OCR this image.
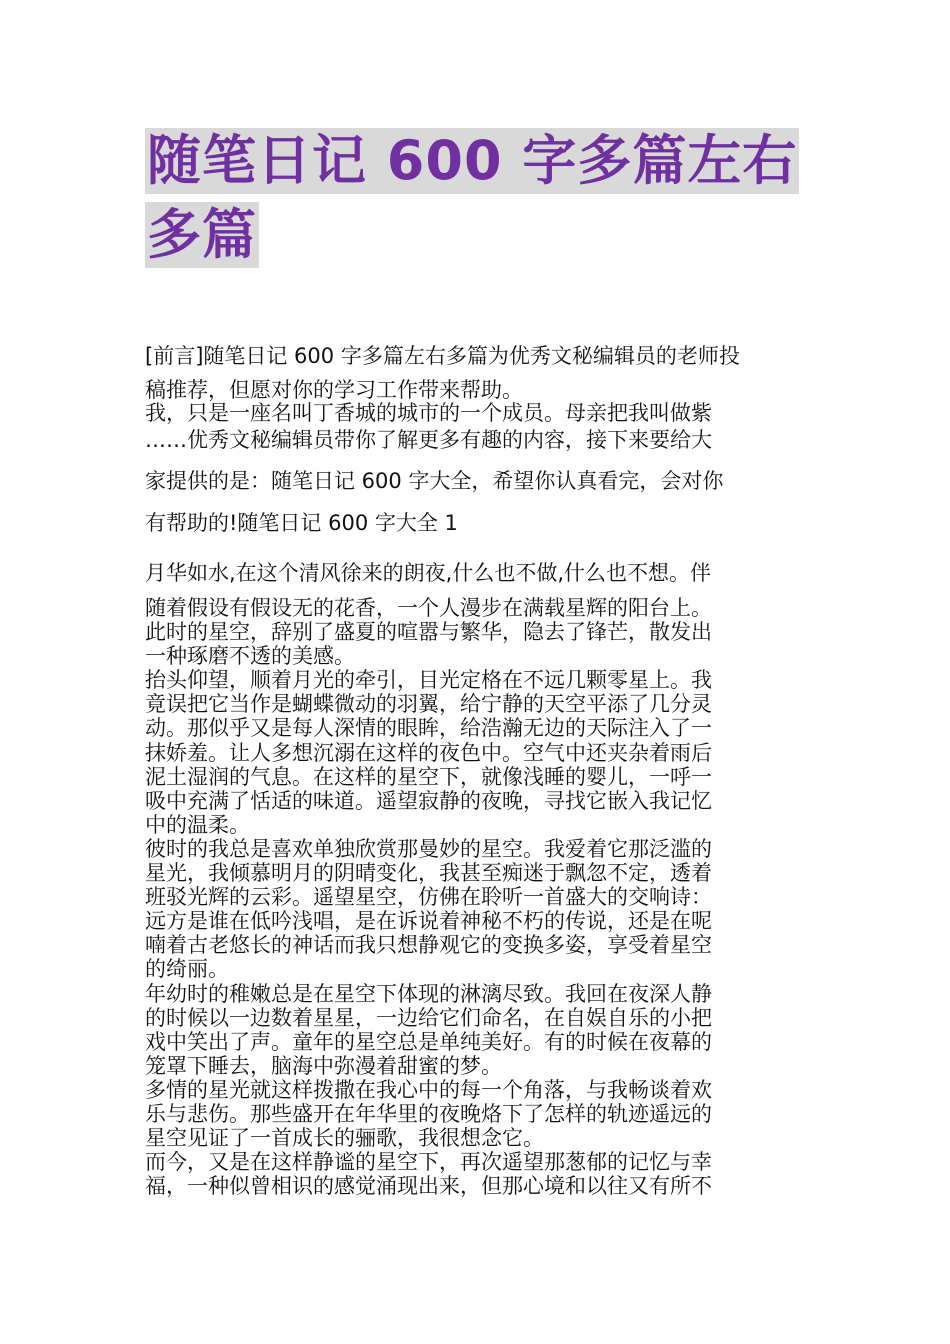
随笔日记 600 字多篇左右
多篇
[前言]随笔日记 600 字多篇左右多篇为优秀文秘编辑员的老师投
稿推荐，但愿对你的学习工作带来帮助。
我，只是一座名叫丁香城的城市的一个成员。母亲把我叫做紫
……优秀文秘编辑员带你了解更多有趣的内容，接下来要给大
家提供的是：随笔日记 600 字大全，希望你认真看完，会对你
有帮助的!随笔日记 600 字大全 1
月华如水,在这个清风徐来的朗夜,什么也不做,什么也不想。伴
随着假设有假设无的花香，一个人漫步在满载星辉的阳台上。
此时的星空，辞别了盛夏的喧嚣与繁华，隐去了锋芒，散发出
一种琢磨不透的美感。
抬头仰望，顺着月光的牵引，目光定格在不远几颗零星上。我
竟误把它当作是蝴蝶微动的羽翼，给宁静的天空平添了几分灵
动。那似乎又是每人深情的眼眸，给浩瀚无边的天际注入了一
抹娇羞。让人多想沉溺在这样的夜色中。空气中还夹杂着雨后
泥土湿润的气息。在这样的星空下，就像浅睡的婴儿，一呼一
吸中充满了恬适的味道。遥望寂静的夜晚，寻找它嵌入我记忆
中的温柔。
彼时的我总是喜欢单独欣赏那曼妙的星空。我爱着它那泛滥的
星光，我倾慕明月的阴晴变化，我甚至痴迷于飘忽不定，透着
班驳光辉的云彩。遥望星空，仿佛在聆听一首盛大的交响诗：
远方是谁在低吟浅唱，是在诉说着神秘不朽的传说，还是在呢
喃着古老悠长的神话而我只想静观它的变换多姿，享受着星空
的绮丽。
年幼时的稚嫩总是在星空下体现的淋漓尽致。我回在夜深人静
的时候以一边数着星星，一边给它们命名，在自娱自乐的小把
戏中笑出了声。童年的星空总是单纯美好。有的时候在夜幕的
笼罩下睡去，脑海中弥漫着甜蜜的梦。
多情的星光就这样拨撒在我心中的每一个角落，与我畅谈着欢
乐与悲伤。那些盛开在年华里的夜晚烙下了怎样的轨迹遥远的
星空见证了一首成长的骊歌，我很想念它。
而今，又是在这样静谧的星空下，再次遥望那葱郁的记忆与幸
福，一种似曾相识的感觉涌现出来，但那心境和以往又有所不
